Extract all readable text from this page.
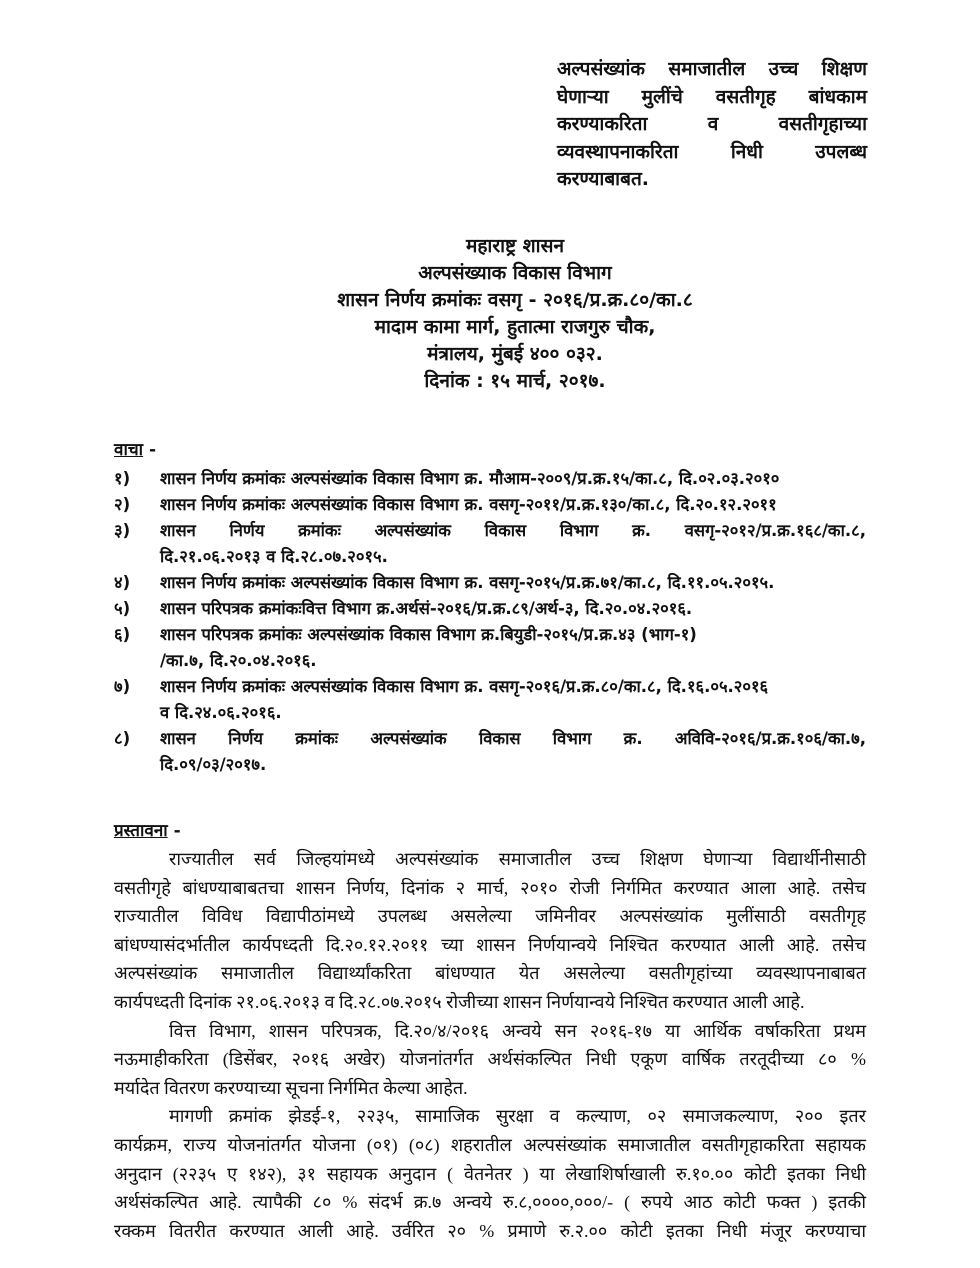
अल्पसंख्यांक समाजातील उच्च शिक्षण
घेणाऱ्या मुलींचे वसतीगृह बांधकाम
करण्याकरिता व वसतीगृहाच्या
व्यवस्थापनाकरिता निधी उपलब्ध
करण्याबाबत.
महाराष्ट्र शासन
अल्पसंख्याक विकास विभाग
शासन निर्णय क्रमांकः वसगृ - २०१६/प्र.क्र.८०/का.८
मादाम कामा मार्ग, हुतात्मा राजगुरु चौक,
मंत्रालय, मुंबई ४०० ०३२.
दिनांक : १५ मार्च, २०१७.
वाचा -
१)	शासन निर्णय क्रमांकः अल्पसंख्यांक विकास विभाग क्र. मौआम-२००९/प्र.क्र.१५/का.८, दि.०२.०३.२०१०
२)	शासन निर्णय क्रमांकः अल्पसंख्यांक विकास विभाग क्र. वसगृ-२०११/प्र.क्र.१३०/का.८, दि.२०.१२.२०११
३)	शासन निर्णय क्रमांकः अल्पसंख्यांक विकास विभाग क्र. वसगृ-२०१२/प्र.क्र.१६८/का.८,
दि.२१.०६.२०१३ व दि.२८.०७.२०१५.
४)	शासन निर्णय क्रमांकः अल्पसंख्यांक विकास विभाग क्र. वसगृ-२०१५/प्र.क्र.७१/का.८, दि.११.०५.२०१५.
५)	शासन परिपत्रक क्रमांकःवित्त विभाग क्र.अर्थसं-२०१६/प्र.क्र.८९/अर्थ-३, दि.२०.०४.२०१६.
६)	शासन परिपत्रक क्रमांकः अल्पसंख्यांक विकास विभाग क्र.बियुडी-२०१५/प्र.क्र.४३ (भाग-१)
/का.७, दि.२०.०४.२०१६.
७)	शासन निर्णय क्रमांकः अल्पसंख्यांक विकास विभाग क्र. वसगृ-२०१६/प्र.क्र.८०/का.८, दि.१६.०५.२०१६
व दि.२४.०६.२०१६.
८)	शासन निर्णय क्रमांकः अल्पसंख्यांक विकास विभाग क्र. अविवि-२०१६/प्र.क्र.१०६/का.७,
दि.०९/०३/२०१७.
प्रस्तावना -
राज्यातील सर्व जिल्हयांमध्ये अल्पसंख्यांक समाजातील उच्च शिक्षण घेणाऱ्या विद्यार्थीनीसाठी
वसतीगृहे बांधण्याबाबतचा शासन निर्णय, दिनांक २ मार्च, २०१० रोजी निर्गमित करण्यात आला आहे. तसेच
राज्यातील विविध विद्यापीठांमध्ये उपलब्ध असलेल्या जमिनीवर अल्पसंख्यांक मुलींसाठी वसतीगृह
बांधण्यासंदर्भातील कार्यपध्दती दि.२०.१२.२०११ च्या शासन निर्णयान्वये निश्चित करण्यात आली आहे. तसेच
अल्पसंख्यांक समाजातील विद्यार्थ्यांकरिता बांधण्यात येत असलेल्या वसतीगृहांच्या व्यवस्थापनाबाबत
कार्यपध्दती दिनांक २१.०६.२०१३ व दि.२८.०७.२०१५ रोजीच्या शासन निर्णयान्वये निश्चित करण्यात आली आहे.
वित्त विभाग, शासन परिपत्रक, दि.२०/४/२०१६ अन्वये सन २०१६-१७ या आर्थिक वर्षाकरिता प्रथम
नऊमाहीकरिता (डिसेंबर, २०१६ अखेर) योजनांतर्गत अर्थसंकल्पित निधी एकूण वार्षिक तरतूदीच्या ८० %
मर्यादेत वितरण करण्याच्या सूचना निर्गमित केल्या आहेत.
मागणी क्रमांक झेडई-१, २२३५, सामाजिक सुरक्षा व कल्याण, ०२ समाजकल्याण, २०० इतर
कार्यक्रम, राज्य योजनांतर्गत योजना (०१) (०८) शहरातील अल्पसंख्यांक समाजातील वसतीगृहाकरिता सहायक
अनुदान (२२३५ ए १४२), ३१ सहायक अनुदान ( वेतनेतर ) या लेखाशिर्षाखाली रु.१०.०० कोटी इतका निधी
अर्थसंकल्पित आहे. त्यापैकी ८० % संदर्भ क्र.७ अन्वये रु.८,००००,०००/- ( रुपये आठ कोटी फक्त ) इतकी
रक्कम वितरीत करण्यात आली आहे. उर्वरित २० % प्रमाणे रु.२.०० कोटी इतका निधी मंजूर करण्याचा
